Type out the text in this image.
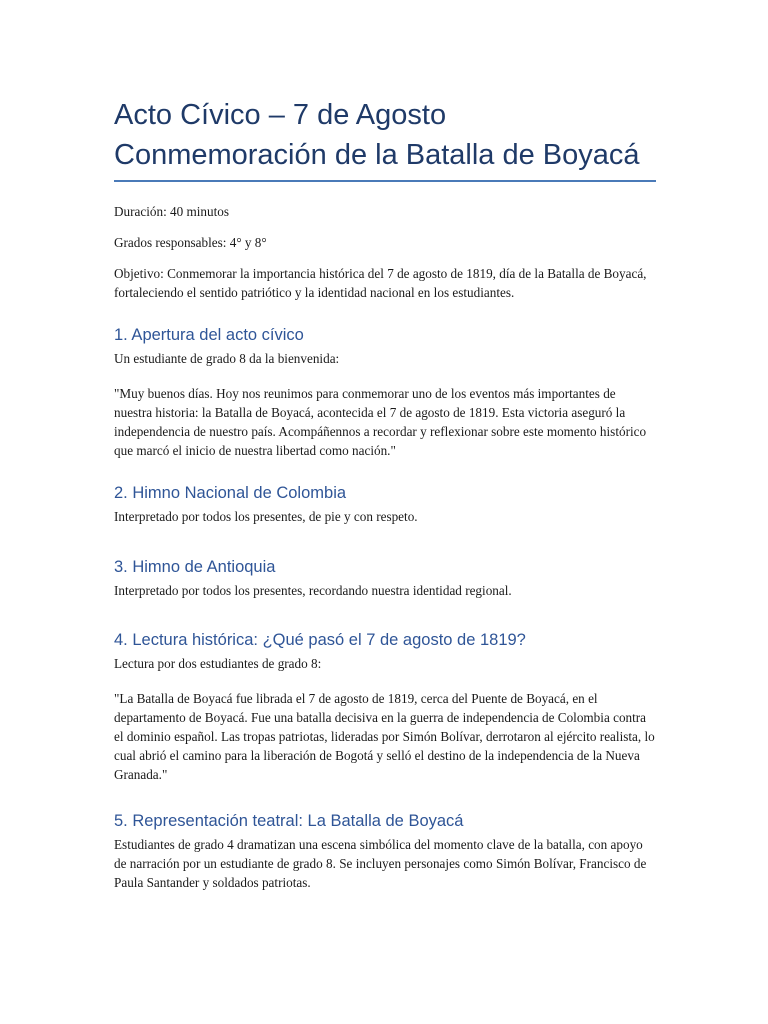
Acto Cívico – 7 de Agosto
Conmemoración de la Batalla de Boyacá

Duración: 40 minutos

Grados responsables: 4° y 8°

Objetivo: Conmemorar la importancia histórica del 7 de agosto de 1819, día de la Batalla de Boyacá, fortaleciendo el sentido patriótico y la identidad nacional en los estudiantes.

1. Apertura del acto cívico

Un estudiante de grado 8 da la bienvenida:

"Muy buenos días. Hoy nos reunimos para conmemorar uno de los eventos más importantes de nuestra historia: la Batalla de Boyacá, acontecida el 7 de agosto de 1819. Esta victoria aseguró la independencia de nuestro país. Acompáñennos a recordar y reflexionar sobre este momento histórico que marcó el inicio de nuestra libertad como nación."

2. Himno Nacional de Colombia

Interpretado por todos los presentes, de pie y con respeto.

3. Himno de Antioquia

Interpretado por todos los presentes, recordando nuestra identidad regional.

4. Lectura histórica: ¿Qué pasó el 7 de agosto de 1819?

Lectura por dos estudiantes de grado 8:

"La Batalla de Boyacá fue librada el 7 de agosto de 1819, cerca del Puente de Boyacá, en el departamento de Boyacá. Fue una batalla decisiva en la guerra de independencia de Colombia contra el dominio español. Las tropas patriotas, lideradas por Simón Bolívar, derrotaron al ejército realista, lo cual abrió el camino para la liberación de Bogotá y selló el destino de la independencia de la Nueva Granada."

5. Representación teatral: La Batalla de Boyacá

Estudiantes de grado 4 dramatizan una escena simbólica del momento clave de la batalla, con apoyo de narración por un estudiante de grado 8. Se incluyen personajes como Simón Bolívar, Francisco de Paula Santander y soldados patriotas.
